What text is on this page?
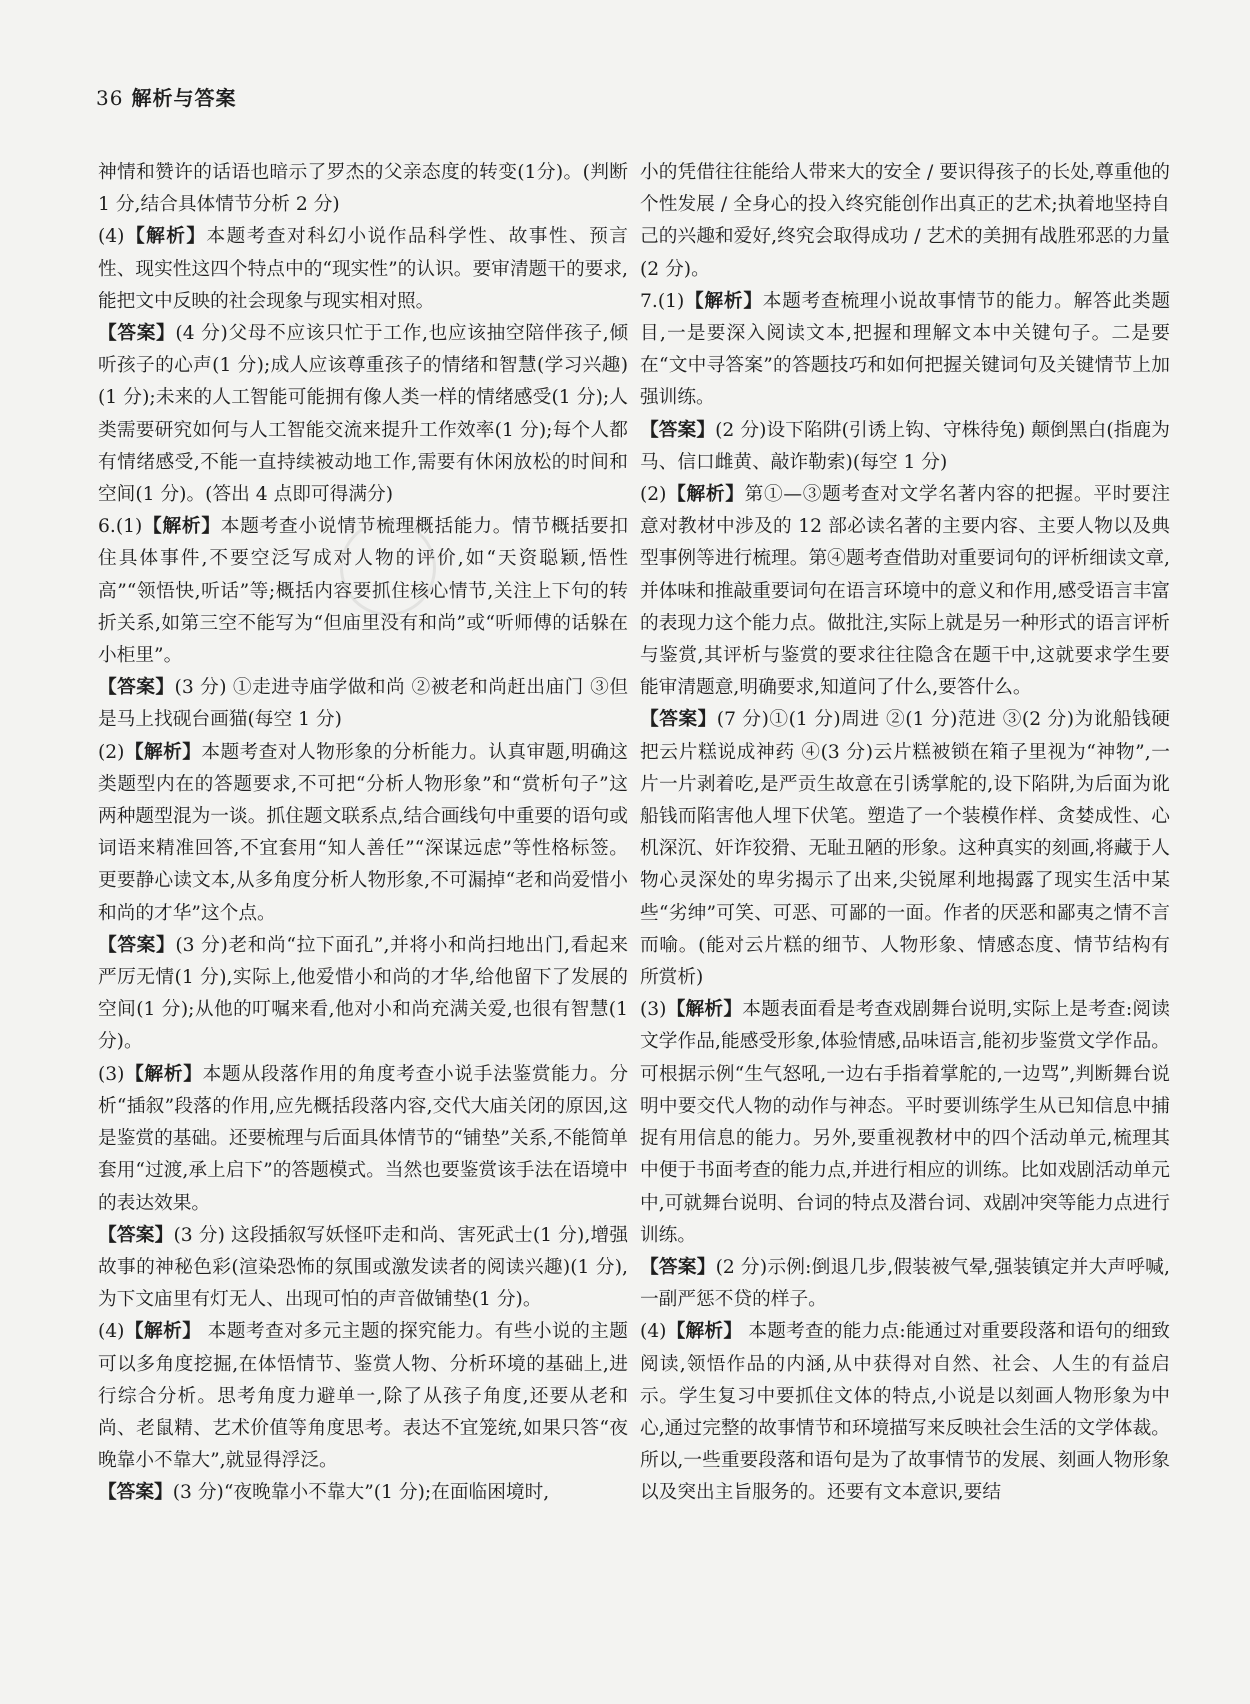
36 解析与答案

神情和赞许的话语也暗示了罗杰的父亲态度的转变(1分)。(判断 1 分,结合具体情节分析 2 分)

(4)【解析】本题考查对科幻小说作品科学性、故事性、预言性、现实性这四个特点中的“现实性”的认识。要审清题干的要求,能把文中反映的社会现象与现实相对照。

【答案】(4 分)父母不应该只忙于工作,也应该抽空陪伴孩子,倾听孩子的心声(1 分);成人应该尊重孩子的情绪和智慧(学习兴趣)(1 分);未来的人工智能可能拥有像人类一样的情绪感受(1 分);人类需要研究如何与人工智能交流来提升工作效率(1 分);每个人都有情绪感受,不能一直持续被动地工作,需要有休闲放松的时间和空间(1 分)。(答出 4 点即可得满分)

6.(1)【解析】本题考查小说情节梳理概括能力。情节概括要扣住具体事件,不要空泛写成对人物的评价,如“天资聪颖,悟性高”“领悟快,听话”等;概括内容要抓住核心情节,关注上下句的转折关系,如第三空不能写为“但庙里没有和尚”或“听师傅的话躲在小柜里”。

【答案】(3 分) ①走进寺庙学做和尚 ②被老和尚赶出庙门 ③但是马上找砚台画猫(每空 1 分)

(2)【解析】本题考查对人物形象的分析能力。认真审题,明确这类题型内在的答题要求,不可把“分析人物形象”和“赏析句子”这两种题型混为一谈。抓住题文联系点,结合画线句中重要的语句或词语来精准回答,不宜套用“知人善任”“深谋远虑”等性格标签。更要静心读文本,从多角度分析人物形象,不可漏掉“老和尚爱惜小和尚的才华”这个点。

【答案】(3 分)老和尚“拉下面孔”,并将小和尚扫地出门,看起来严厉无情(1 分),实际上,他爱惜小和尚的才华,给他留下了发展的空间(1 分);从他的叮嘱来看,他对小和尚充满关爱,也很有智慧(1 分)。

(3)【解析】本题从段落作用的角度考查小说手法鉴赏能力。分析“插叙”段落的作用,应先概括段落内容,交代大庙关闭的原因,这是鉴赏的基础。还要梳理与后面具体情节的“铺垫”关系,不能简单套用“过渡,承上启下”的答题模式。当然也要鉴赏该手法在语境中的表达效果。

【答案】(3 分) 这段插叙写妖怪吓走和尚、害死武士(1 分),增强故事的神秘色彩(渲染恐怖的氛围或激发读者的阅读兴趣)(1 分),为下文庙里有灯无人、出现可怕的声音做铺垫(1 分)。

(4)【解析】 本题考查对多元主题的探究能力。有些小说的主题可以多角度挖掘,在体悟情节、鉴赏人物、分析环境的基础上,进行综合分析。思考角度力避单一,除了从孩子角度,还要从老和尚、老鼠精、艺术价值等角度思考。表达不宜笼统,如果只答“夜晚靠小不靠大”,就显得浮泛。

【答案】(3 分)“夜晚靠小不靠大”(1 分);在面临困境时,

小的凭借往往能给人带来大的安全 / 要识得孩子的长处,尊重他的个性发展 / 全身心的投入终究能创作出真正的艺术;执着地坚持自己的兴趣和爱好,终究会取得成功 / 艺术的美拥有战胜邪恶的力量(2 分)。

7.(1)【解析】本题考查梳理小说故事情节的能力。解答此类题目,一是要深入阅读文本,把握和理解文本中关键句子。二是要在“文中寻答案”的答题技巧和如何把握关键词句及关键情节上加强训练。

【答案】(2 分)设下陷阱(引诱上钩、守株待兔) 颠倒黑白(指鹿为马、信口雌黄、敲诈勒索)(每空 1 分)

(2)【解析】第①—③题考查对文学名著内容的把握。平时要注意对教材中涉及的 12 部必读名著的主要内容、主要人物以及典型事例等进行梳理。第④题考查借助对重要词句的评析细读文章,并体味和推敲重要词句在语言环境中的意义和作用,感受语言丰富的表现力这个能力点。做批注,实际上就是另一种形式的语言评析与鉴赏,其评析与鉴赏的要求往往隐含在题干中,这就要求学生要能审清题意,明确要求,知道问了什么,要答什么。

【答案】(7 分)①(1 分)周进 ②(1 分)范进 ③(2 分)为讹船钱硬把云片糕说成神药 ④(3 分)云片糕被锁在箱子里视为“神物”,一片一片剥着吃,是严贡生故意在引诱掌舵的,设下陷阱,为后面为讹船钱而陷害他人埋下伏笔。塑造了一个装模作样、贪婪成性、心机深沉、奸诈狡猾、无耻丑陋的形象。这种真实的刻画,将藏于人物心灵深处的卑劣揭示了出来,尖锐犀利地揭露了现实生活中某些“劣绅”可笑、可恶、可鄙的一面。作者的厌恶和鄙夷之情不言而喻。(能对云片糕的细节、人物形象、情感态度、情节结构有所赏析)

(3)【解析】本题表面看是考查戏剧舞台说明,实际上是考查:阅读文学作品,能感受形象,体验情感,品味语言,能初步鉴赏文学作品。可根据示例“生气怒吼,一边右手指着掌舵的,一边骂”,判断舞台说明中要交代人物的动作与神态。平时要训练学生从已知信息中捕捉有用信息的能力。另外,要重视教材中的四个活动单元,梳理其中便于书面考查的能力点,并进行相应的训练。比如戏剧活动单元中,可就舞台说明、台词的特点及潜台词、戏剧冲突等能力点进行训练。

【答案】(2 分)示例:倒退几步,假装被气晕,强装镇定并大声呼喊,一副严惩不贷的样子。

(4)【解析】 本题考查的能力点:能通过对重要段落和语句的细致阅读,领悟作品的内涵,从中获得对自然、社会、人生的有益启示。学生复习中要抓住文体的特点,小说是以刻画人物形象为中心,通过完整的故事情节和环境描写来反映社会生活的文学体裁。所以,一些重要段落和语句是为了故事情节的发展、刻画人物形象以及突出主旨服务的。还要有文本意识,要结
